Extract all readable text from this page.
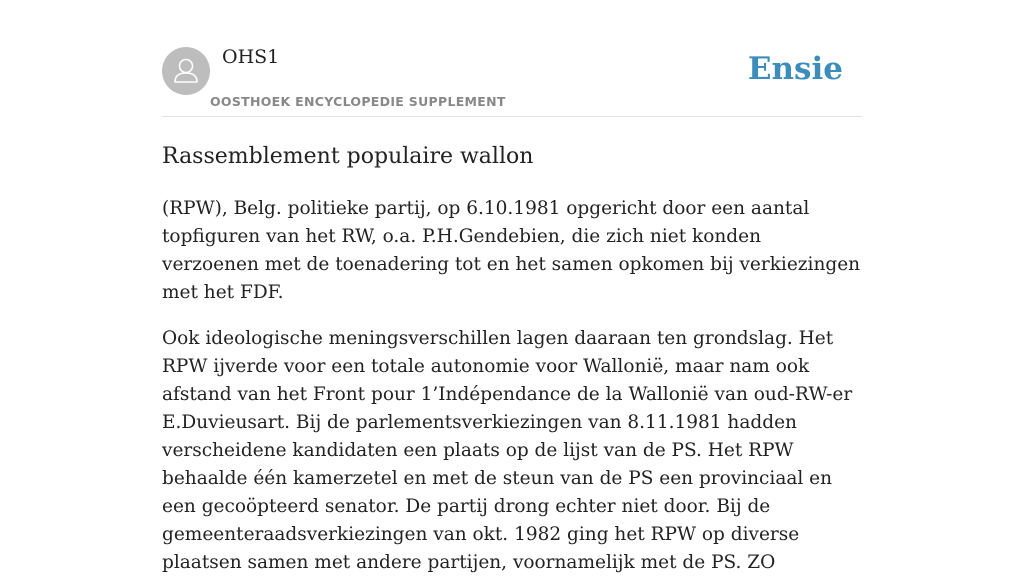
OHS1
OOSTHOEK ENCYCLOPEDIE SUPPLEMENT
Ensie
Rassemblement populaire wallon

(RPW), Belg. politieke partij, op 6.10.1981 opgericht door een aantal topfiguren van het RW, o.a. P.H.Gendebien, die zich niet konden verzoenen met de toenadering tot en het samen opkomen bij verkiezingen met het FDF.

Ook ideologische meningsverschillen lagen daaraan ten grondslag. Het RPW ijverde voor een totale autonomie voor Wallonië, maar nam ook afstand van het Front pour 1’Indépendance de la Wallonië van oud-RW-er E.Duvieusart. Bij de parlementsverkiezingen van 8.11.1981 hadden verscheidene kandidaten een plaats op de lijst van de PS. Het RPW behaalde één kamerzetel en met de steun van de PS een provinciaal en een gecoöpteerd senator. De partij drong echter niet door. Bij de gemeenteraadsverkiezingen van okt. 1982 ging het RPW op diverse plaatsen samen met andere partijen, voornamelijk met de PS. ZO
